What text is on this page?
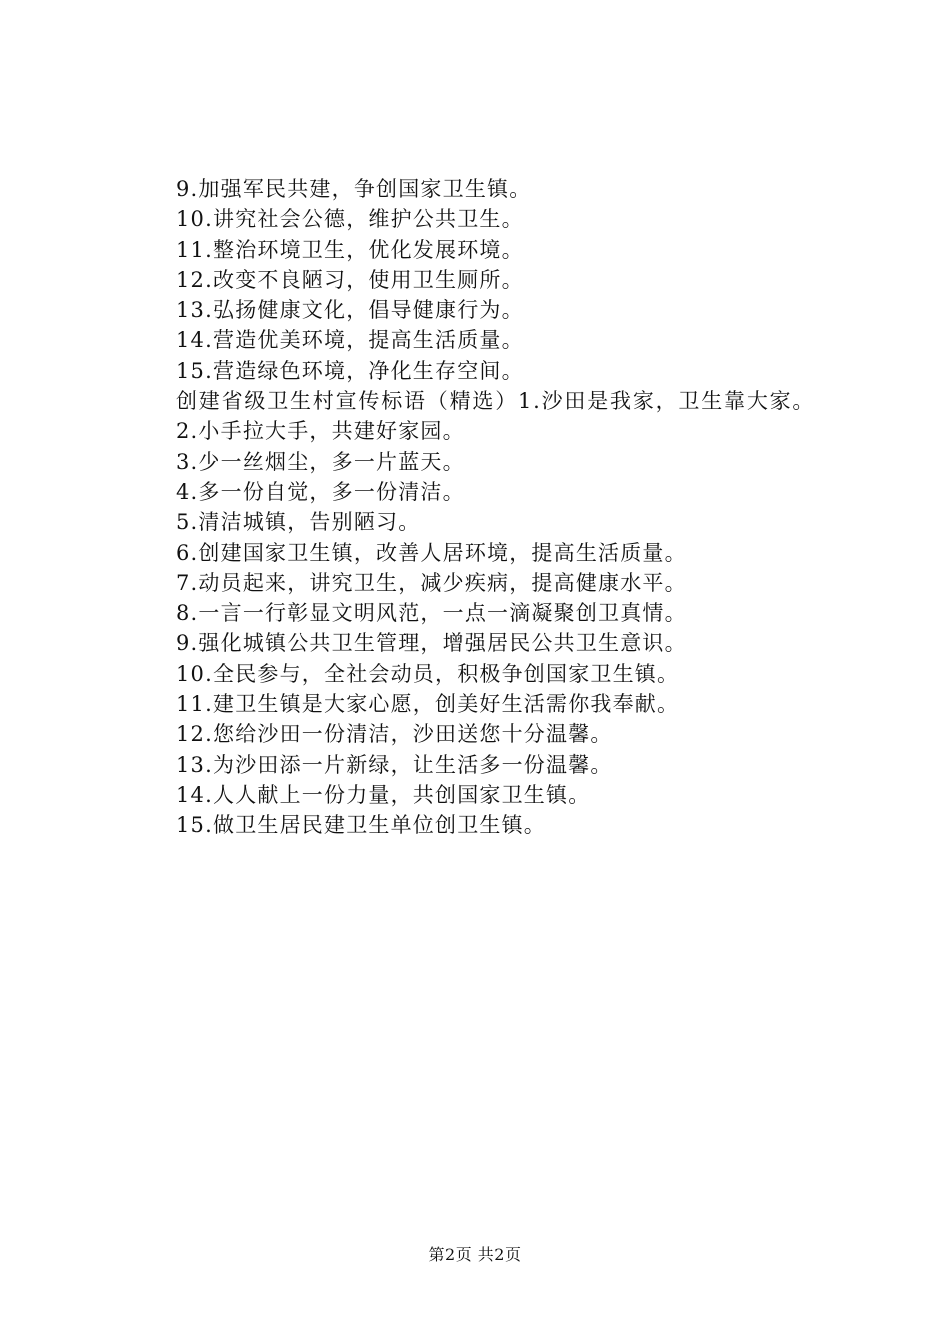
9.加强军民共建，争创国家卫生镇。
10.讲究社会公德，维护公共卫生。
11.整治环境卫生，优化发展环境。
12.改变不良陋习，使用卫生厕所。
13.弘扬健康文化，倡导健康行为。
14.营造优美环境，提高生活质量。
15.营造绿色环境，净化生存空间。
创建省级卫生村宣传标语（精选）1.沙田是我家，卫生靠大家。
2.小手拉大手，共建好家园。
3.少一丝烟尘，多一片蓝天。
4.多一份自觉，多一份清洁。
5.清洁城镇，告别陋习。
6.创建国家卫生镇，改善人居环境，提高生活质量。
7.动员起来，讲究卫生，减少疾病，提高健康水平。
8.一言一行彰显文明风范，一点一滴凝聚创卫真情。
9.强化城镇公共卫生管理，增强居民公共卫生意识。
10.全民参与，全社会动员，积极争创国家卫生镇。
11.建卫生镇是大家心愿，创美好生活需你我奉献。
12.您给沙田一份清洁，沙田送您十分温馨。
13.为沙田添一片新绿，让生活多一份温馨。
14.人人献上一份力量，共创国家卫生镇。
15.做卫生居民建卫生单位创卫生镇。
第2页 共2页
